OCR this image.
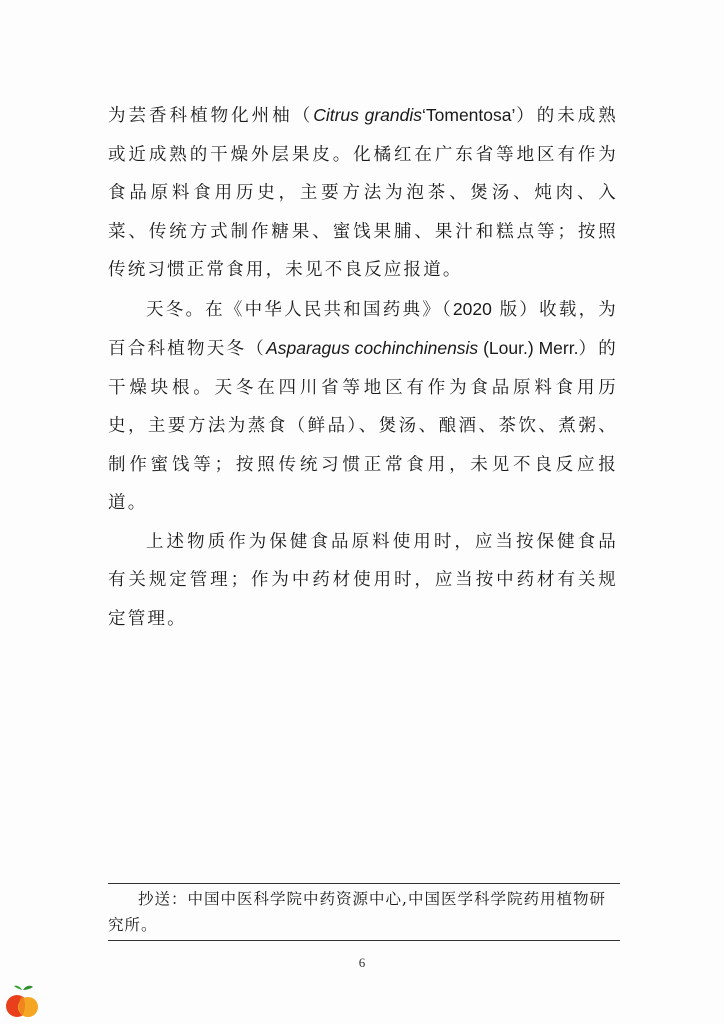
为芸香科植物化州柚（Citrus grandis‘Tomentosa’）的未成熟或近成熟的干燥外层果皮。化橘红在广东省等地区有作为食品原料食用历史，主要方法为泡茶、煲汤、炖肉、入菜、传统方式制作糖果、蜜饯果脯、果汁和糕点等；按照传统习惯正常食用，未见不良反应报道。

天冬。在《中华人民共和国药典》（2020 版）收载，为百合科植物天冬（Asparagus cochinchinensis (Lour.) Merr.）的干燥块根。天冬在四川省等地区有作为食品原料食用历史，主要方法为蒸食（鲜品）、煲汤、酿酒、茶饮、煮粥、制作蜜饯等；按照传统习惯正常食用，未见不良反应报道。

上述物质作为保健食品原料使用时，应当按保健食品有关规定管理；作为中药材使用时，应当按中药材有关规定管理。

抄送：中国中医科学院中药资源中心,中国医学科学院药用植物研究所。
6
